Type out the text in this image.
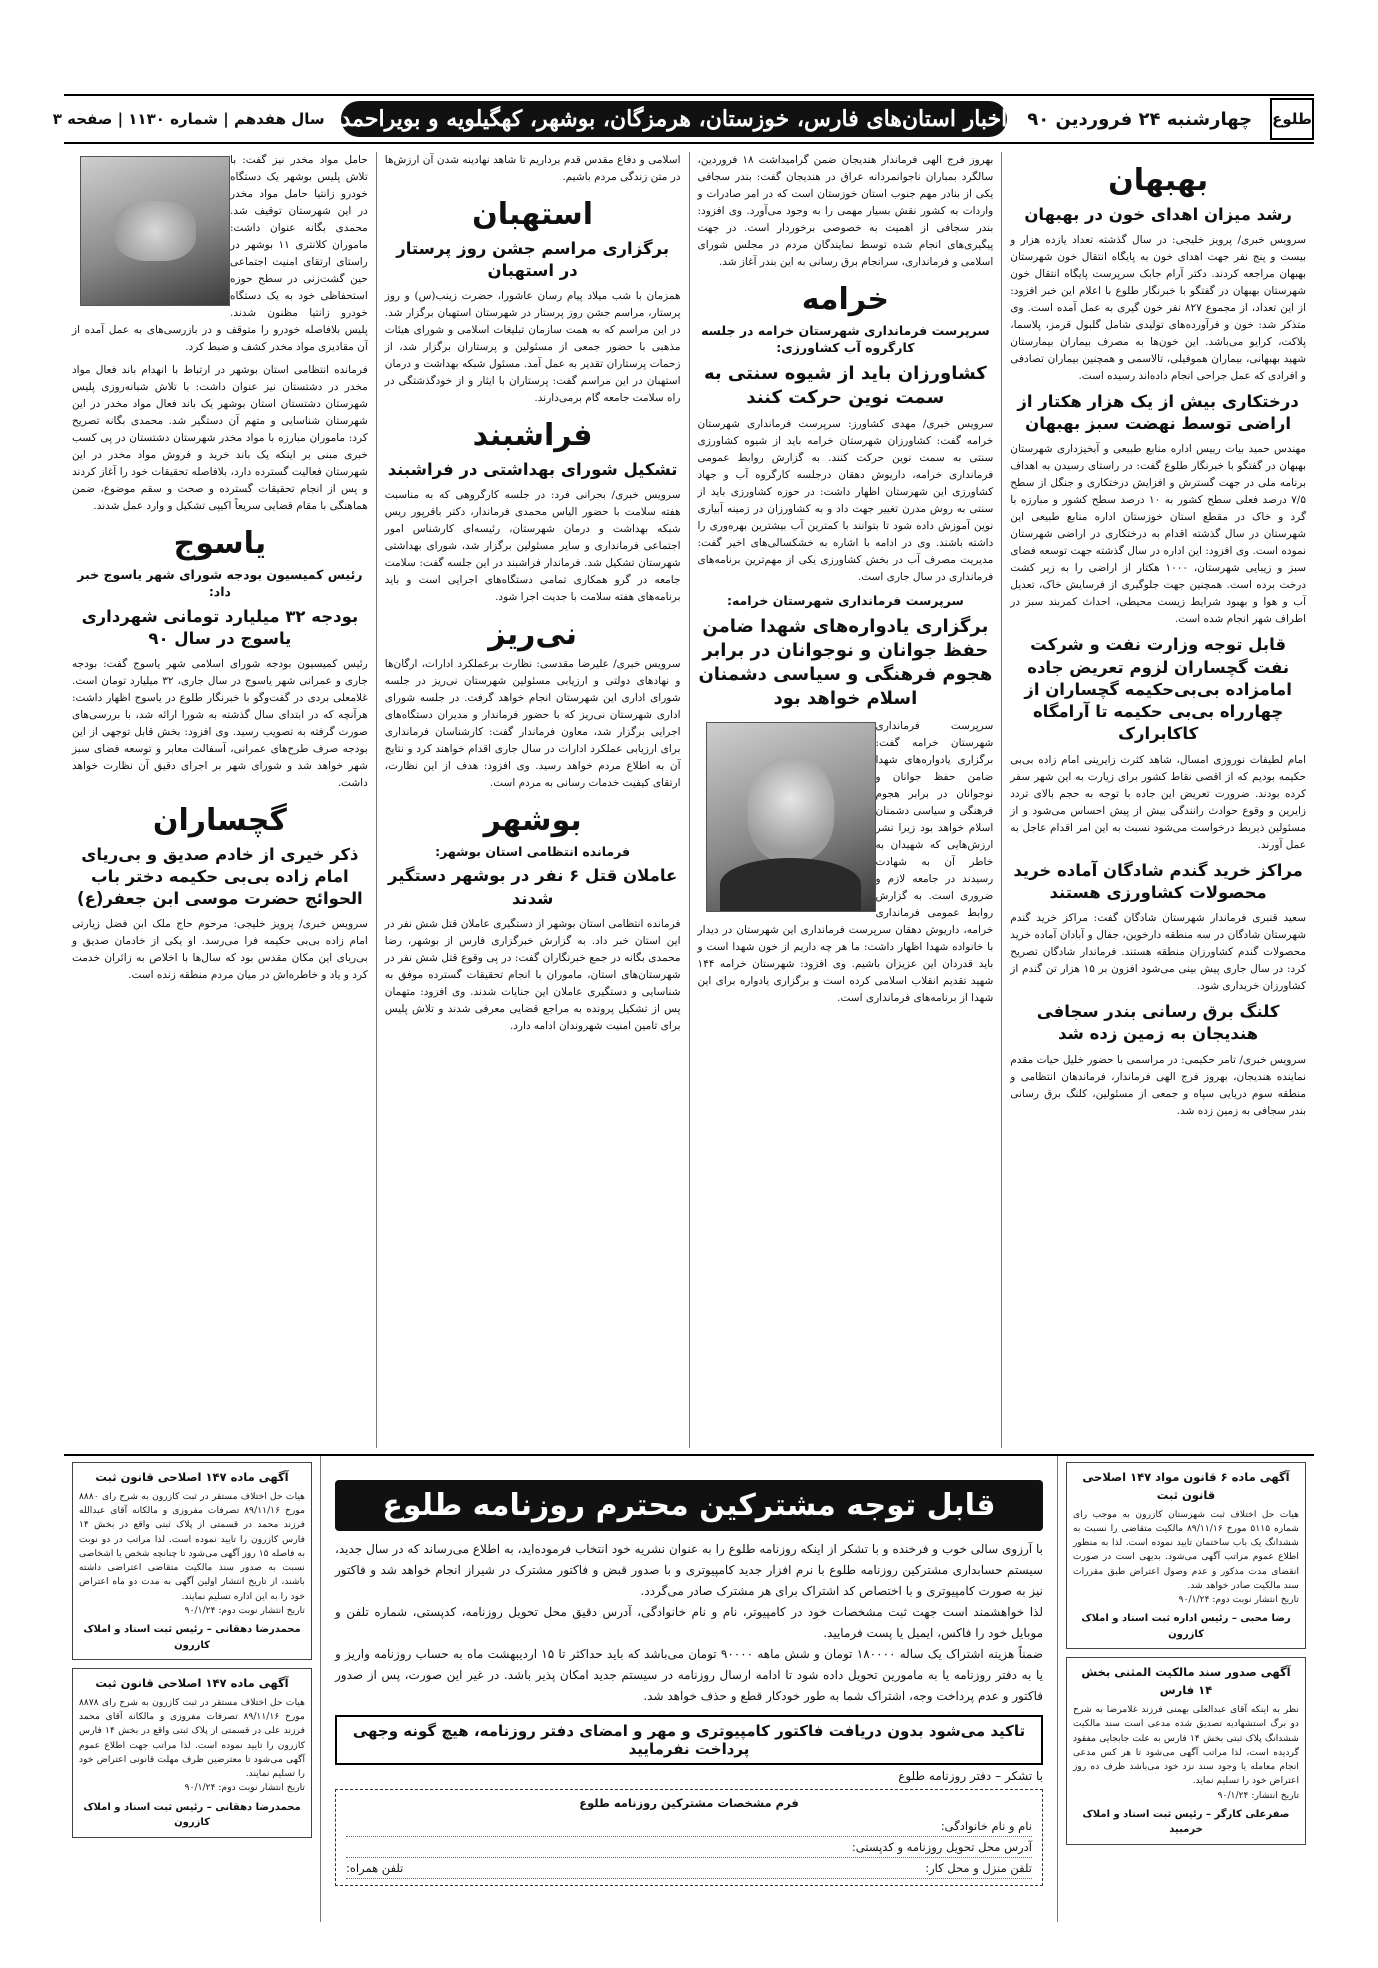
طلوع
چهارشنبه ۲۴ فروردین ۹۰
اخبار استان‌های فارس، خوزستان، هرمزگان، بوشهر، کهگیلویه و بویراحمد
سال هفدهم | شماره ۱۱۳۰ | صفحه ۳
بهبهان
رشد میزان اهدای خون در بهبهان
سرویس خبری/ پرویز خلیجی: در سال گذشته تعداد یازده هزار و بیست و پنج نفر جهت اهدای خون به پایگاه انتقال خون شهرستان بهبهان مراجعه کردند. دکتر آرام جابک سرپرست پایگاه انتقال خون شهرستان بهبهان در گفتگو با خبرنگار طلوع با اعلام این خبر افزود: از این تعداد، از مجموع ۸۲۷ نفر خون گیری به عمل آمده است. وی متذکر شد: خون و فرآورده‌های تولیدی شامل گلبول قرمز، پلاسما، پلاکت، کرایو می‌باشد. این خون‌ها به مصرف بیماران بیمارستان شهید بهبهانی، بیماران هموفیلی، تالاسمی و همچنین بیماران تصادفی و افرادی که عمل جراحی انجام داده‌اند رسیده است.
درختکاری بیش از یک هزار هکتار از اراضی توسط نهضت سبز بهبهان
مهندس حمید بیات رییس اداره منابع طبیعی و آبخیزداری شهرستان بهبهان در گفتگو با خبرنگار طلوع گفت: در راستای رسیدن به اهداف برنامه ملی در جهت گسترش و افزایش درختکاری و جنگل از سطح ۷/۵ درصد فعلی سطح کشور به ۱۰ درصد سطح کشور و مبارزه با گرد و خاک در مقطع استان خوزستان اداره منابع طبیعی این شهرستان در سال گذشته اقدام به درختکاری در اراضی شهرستان نموده است. وی افزود: این اداره در سال گذشته جهت توسعه فضای سبز و زیبایی شهرستان، ۱۰۰۰ هکتار از اراضی را به زیر کشت درخت برده است. همچنین جهت جلوگیری از فرسایش خاک، تعدیل آب و هوا و بهبود شرایط زیست محیطی، احداث کمربند سبز در اطراف شهر انجام شده است.
قابل توجه وزارت نفت و شرکت نفت گچساران لزوم تعریض جاده امامزاده بی‌بی‌حکیمه گچساران از چهارراه بی‌بی حکیمه تا آرامگاه کاکابرارک
امام لطیفات نوروزی امسال، شاهد کثرت زایرینی امام زاده بی‌بی حکیمه بودیم که از اقصی نقاط کشور برای زیارت به این شهر سفر کرده بودند. ضرورت تعریض این جاده با توجه به حجم بالای تردد زایرین و وقوع حوادث رانندگی بیش از پیش احساس می‌شود و از مسئولین ذیربط درخواست می‌شود نسبت به این امر اقدام عاجل به عمل آورند.
مراکز خرید گندم شادگان آماده خرید محصولات کشاورزی هستند
سعید قنبری فرماندار شهرستان شادگان گفت: مراکز خرید گندم شهرستان شادگان در سه منطقه دارخوین، جفال و آبادان آماده خرید محصولات گندم کشاورزان منطقه هستند. فرماندار شادگان تصریح کرد: در سال جاری پیش بینی می‌شود افزون بر ۱۵ هزار تن گندم از کشاورزان خریداری شود.
کلنگ برق رسانی بندر سجافی هندیجان به زمین زده شد
سرویس خبری/ تامر حکیمی: در مراسمی با حضور خلیل حیات مقدم نماینده هندیجان، بهروز فرج الهی فرماندار، فرماندهان انتظامی و منطقه سوم دریایی سپاه و جمعی از مسئولین، کلنگ برق رسانی بندر سجافی به زمین زده شد.
بهروز فرج الهی فرماندار هندیجان ضمن گرامیداشت ۱۸ فروردین، سالگرد بمباران ناجوانمردانه عراق در هندیجان گفت: بندر سجافی یکی از بنادر مهم جنوب استان خوزستان است که در امر صادرات و واردات به کشور نقش بسیار مهمی را به وجود می‌آورد. وی افزود: بندر سجافی از اهمیت به خصوصی برخوردار است. در جهت پیگیری‌های انجام شده توسط نمایندگان مردم در مجلس شورای اسلامی و فرمانداری، سرانجام برق رسانی به این بندر آغاز شد.
خرامه
سرپرست فرمانداری شهرستان خرامه در جلسه کارگروه آب کشاورزی:
کشاورزان باید از شیوه سنتی به سمت نوین حرکت کنند
سرویس خبری/ مهدی کشاورز: سرپرست فرمانداری شهرستان خرامه گفت: کشاورزان شهرستان خرامه باید از شیوه کشاورزی سنتی به سمت نوین حرکت کنند. به گزارش روابط عمومی فرمانداری خرامه، داریوش دهقان درجلسه کارگروه آب و جهاد کشاورزی این شهرستان اظهار داشت: در حوزه کشاورزی باید از سنتی به روش مدرن تغییر جهت داد و به کشاورزان در زمینه آبیاری نوین آموزش داده شود تا بتوانند با کمترین آب بیشترین بهره‌وری را داشته باشند. وی در ادامه با اشاره به خشکسالی‌های اخیر گفت: مدیریت مصرف آب در بخش کشاورزی یکی از مهم‌ترین برنامه‌های فرمانداری در سال جاری است.
سرپرست فرمانداری شهرستان خرامه:
برگزاری یادواره‌های شهدا ضامن حفظ جوانان و نوجوانان در برابر هجوم فرهنگی و سیاسی دشمنان اسلام خواهد بود
سرپرست فرمانداری شهرستان خرامه گفت: برگزاری یادواره‌های شهدا ضامن حفظ جوانان و نوجوانان در برابر هجوم فرهنگی و سیاسی دشمنان اسلام خواهد بود زیرا نشر ارزش‌هایی که شهیدان به خاطر آن به شهادت رسیدند در جامعه لازم و ضروری است. به گزارش روابط عمومی فرمانداری خرامه، داریوش دهقان سرپرست فرمانداری این شهرستان در دیدار با خانواده شهدا اظهار داشت: ما هر چه داریم از خون شهدا است و باید قدردان این عزیزان باشیم. وی افزود: شهرستان خرامه ۱۴۴ شهید تقدیم انقلاب اسلامی کرده است و برگزاری یادواره برای این شهدا از برنامه‌های فرمانداری است.
اسلامی و دفاع مقدس قدم برداریم تا شاهد نهادینه شدن آن ارزش‌ها در متن زندگی مردم باشیم.
استهبان
برگزاری مراسم جشن روز پرستار در استهبان
همزمان با شب میلاد پیام رسان عاشورا، حضرت زینب(س) و روز پرستار، مراسم جشن روز پرستار در شهرستان استهبان برگزار شد. در این مراسم که به همت سازمان تبلیغات اسلامی و شورای هیئات مذهبی با حضور جمعی از مسئولین و پرستاران برگزار شد، از زحمات پرستاران تقدیر به عمل آمد. مسئول شبکه بهداشت و درمان استهبان در این مراسم گفت: پرستاران با ایثار و از خودگذشتگی در راه سلامت جامعه گام برمی‌دارند.
فراشبند
تشکیل شورای بهداشتی در فراشبند
سرویس خبری/ بحرانی فرد: در جلسه کارگروهی که به مناسبت هفته سلامت با حضور الیاس محمدی فرماندار، دکتر باقرپور ریس شبکه بهداشت و درمان شهرستان، رئیسه‌ای کارشناس امور اجتماعی فرمانداری و سایر مسئولین برگزار شد، شورای بهداشتی شهرستان تشکیل شد. فرماندار فراشبند در این جلسه گفت: سلامت جامعه در گرو همکاری تمامی دستگاه‌های اجرایی است و باید برنامه‌های هفته سلامت با جدیت اجرا شود.
نی‌ریز
سرویس خبری/ علیرضا مقدسی: نظارت برعملکرد ادارات، ارگان‌ها و نهادهای دولتی و ارزیابی مسئولین شهرستان نی‌ریز در جلسه شورای اداری این شهرستان انجام خواهد گرفت. در جلسه شورای اداری شهرستان نی‌ریز که با حضور فرماندار و مدیران دستگاه‌های اجرایی برگزار شد، معاون فرماندار گفت: کارشناسان فرمانداری برای ارزیابی عملکرد ادارات در سال جاری اقدام خواهند کرد و نتایج آن به اطلاع مردم خواهد رسید. وی افزود: هدف از این نظارت، ارتقای کیفیت خدمات رسانی به مردم است.
بوشهر
فرمانده انتظامی استان بوشهر:
عاملان قتل ۶ نفر در بوشهر دستگیر شدند
فرمانده انتظامی استان بوشهر از دستگیری عاملان قتل شش نفر در این استان خبر داد. به گزارش خبرگزاری فارس از بوشهر، رضا محمدی بگانه در جمع خبرنگاران گفت: در پی وقوع قتل شش نفر در شهرستان‌های استان، ماموران با انجام تحقیقات گسترده موفق به شناسایی و دستگیری عاملان این جنایات شدند. وی افزود: متهمان پس از تشکیل پرونده به مراجع قضایی معرفی شدند و تلاش پلیس برای تامین امنیت شهروندان ادامه دارد.
حامل مواد مخدر نیز گفت: با تلاش پلیس بوشهر یک دستگاه خودرو زانتیا حامل مواد مخدر در این شهرستان توقیف شد. محمدی بگانه عنوان داشت: ماموران کلانتری ۱۱ بوشهر در راستای ارتقای امنیت اجتماعی حین گشت‌زنی در سطح حوزه استحفاظی خود به یک دستگاه خودرو زانتیا مظنون شدند. پلیس بلافاصله خودرو را متوقف و در بازرسی‌های به عمل آمده از آن مقادیری مواد مخدر کشف و ضبط کرد.
فرمانده انتظامی استان بوشهر در ارتباط با انهدام باند فعال مواد مخدر در دشتستان نیز عنوان داشت: با تلاش شبانه‌روزی پلیس شهرستان دشتستان استان بوشهر یک باند فعال مواد مخدر در این شهرستان شناسایی و متهم آن دستگیر شد. محمدی بگانه تصریح کرد: ماموران مبارزه با مواد مخدر شهرستان دشتستان در پی کسب خبری مبنی بر اینکه یک باند خرید و فروش مواد مخدر در این شهرستان فعالیت گسترده دارد، بلافاصله تحقیقات خود را آغاز کردند و پس از انجام تحقیقات گسترده و صحت و سقم موضوع، ضمن هماهنگی با مقام قضایی سریعاً اکیپی تشکیل و وارد عمل شدند.
یاسوج
رئیس کمیسیون بودجه شورای شهر یاسوج خبر داد:
بودجه ۳۲ میلیارد تومانی شهرداری یاسوج در سال ۹۰
رئیس کمیسیون بودجه شورای اسلامی شهر یاسوج گفت: بودجه جاری و عمرانی شهر یاسوج در سال جاری، ۳۲ میلیارد تومان است. غلامعلی بردی در گفت‌وگو با خبرنگار طلوع در یاسوج اظهار داشت: هرآنچه که در ابتدای سال گذشته به شورا ارائه شد، با بررسی‌های صورت گرفته به تصویب رسید. وی افزود: بخش قابل توجهی از این بودجه صرف طرح‌های عمرانی، آسفالت معابر و توسعه فضای سبز شهر خواهد شد و شورای شهر بر اجرای دقیق آن نظارت خواهد داشت.
گچساران
ذکر خیری از خادم صدیق و بی‌ریای امام زاده بی‌بی حکیمه دختر باب الحوائج حضرت موسی ابن جعفر(ع)
سرویس خبری/ پرویز خلیجی: مرحوم حاج ملک ابن فضل زیارتی امام زاده بی‌بی حکیمه فرا می‌رسد. او یکی از خادمان صدیق و بی‌ریای این مکان مقدس بود که سال‌ها با اخلاص به زائران خدمت کرد و یاد و خاطره‌اش در میان مردم منطقه زنده است.
آگهی ماده ۶ قانون مواد ۱۴۷ اصلاحی قانون ثبت
هیات حل اختلاف ثبت شهرستان کازرون به موجب رای شماره ۵۱۱۵ مورخ ۸۹/۱۱/۱۶ مالکیت متقاضی را نسبت به ششدانگ یک باب ساختمان تایید نموده است. لذا به منظور اطلاع عموم مراتب آگهی می‌شود. بدیهی است در صورت انقضای مدت مذکور و عدم وصول اعتراض طبق مقررات سند مالکیت صادر خواهد شد.
تاریخ انتشار نوبت دوم: ۹۰/۱/۲۴
رضا محبی – رئیس اداره ثبت اسناد و املاک کازرون
آگهی صدور سند مالکیت المثنی بخش ۱۴ فارس
نظر به اینکه آقای عبدالعلی بهمنی فرزند غلامرضا به شرح دو برگ استشهادیه تصدیق شده مدعی است سند مالکیت ششدانگ پلاک ثبتی بخش ۱۴ فارس به علت جابجایی مفقود گردیده است، لذا مراتب آگهی می‌شود تا هر کس مدعی انجام معامله یا وجود سند نزد خود می‌باشد ظرف ده روز اعتراض خود را تسلیم نماید.
تاریخ انتشار: ۹۰/۱/۲۴
صفرعلی کارگر – رئیس ثبت اسناد و املاک خرمبید
قابل توجه مشترکین محترم روزنامه طلوع
با آرزوی سالی خوب و فرخنده و با تشکر از اینکه روزنامه طلوع را به عنوان نشریه خود انتخاب فرموده‌اید، به اطلاع می‌رساند که در سال جدید، سیستم حسابداری مشترکین روزنامه طلوع با نرم افزار جدید کامپیوتری و با صدور قبض و فاکتور مشترک در شیراز انجام خواهد شد و فاکتور نیز به صورت کامپیوتری و با اختصاص کد اشتراک برای هر مشترک صادر می‌گردد.
لذا خواهشمند است جهت ثبت مشخصات خود در کامپیوتر، نام و نام خانوادگی، آدرس دقیق محل تحویل روزنامه، کدپستی، شماره تلفن و موبایل خود را فاکس، ایمیل یا پست فرمایید.
ضمناً هزینه اشتراک یک ساله ۱۸۰۰۰۰ تومان و شش ماهه ۹۰۰۰۰ تومان می‌باشد که باید حداکثر تا ۱۵ اردیبهشت ماه به حساب روزنامه واریز و یا به دفتر روزنامه یا به مامورین تحویل داده شود تا ادامه ارسال روزنامه در سیستم جدید امکان پذیر باشد. در غیر این صورت، پس از صدور فاکتور و عدم پرداخت وجه، اشتراک شما به طور خودکار قطع و حذف خواهد شد.
تاکید می‌شود بدون دریافت فاکتور کامپیوتری و مهر و امضای دفتر روزنامه، هیچ گونه وجهی پرداخت نفرمایید
با تشکر – دفتر روزنامه طلوع
فرم مشخصات مشترکین روزنامه طلوع
نام و نام خانوادگی:
آدرس محل تحویل روزنامه و کدپستی:
تلفن منزل و محل کار:
تلفن همراه:
آگهی ماده ۱۴۷ اصلاحی قانون ثبت
هیات حل اختلاف مستقر در ثبت کازرون به شرح رای ۸۸۸۰ مورخ ۸۹/۱۱/۱۶ تصرفات مفروزی و مالکانه آقای عبدالله فرزند محمد در قسمتی از پلاک ثبتی واقع در بخش ۱۴ فارس کازرون را تایید نموده است. لذا مراتب در دو نوبت به فاصله ۱۵ روز آگهی می‌شود تا چنانچه شخص یا اشخاصی نسبت به صدور سند مالکیت متقاضی اعتراضی داشته باشند، از تاریخ انتشار اولین آگهی به مدت دو ماه اعتراض خود را به این اداره تسلیم نمایند.
تاریخ انتشار نوبت دوم: ۹۰/۱/۲۴
محمدرضا دهقانی – رئیس ثبت اسناد و املاک کازرون
آگهی ماده ۱۴۷ اصلاحی قانون ثبت
هیات حل اختلاف مستقر در ثبت کازرون به شرح رای ۸۸۷۸ مورخ ۸۹/۱۱/۱۶ تصرفات مفروزی و مالکانه آقای محمد فرزند علی در قسمتی از پلاک ثبتی واقع در بخش ۱۴ فارس کازرون را تایید نموده است. لذا مراتب جهت اطلاع عموم آگهی می‌شود تا معترضین ظرف مهلت قانونی اعتراض خود را تسلیم نمایند.
تاریخ انتشار نوبت دوم: ۹۰/۱/۲۴
محمدرضا دهقانی – رئیس ثبت اسناد و املاک کازرون
